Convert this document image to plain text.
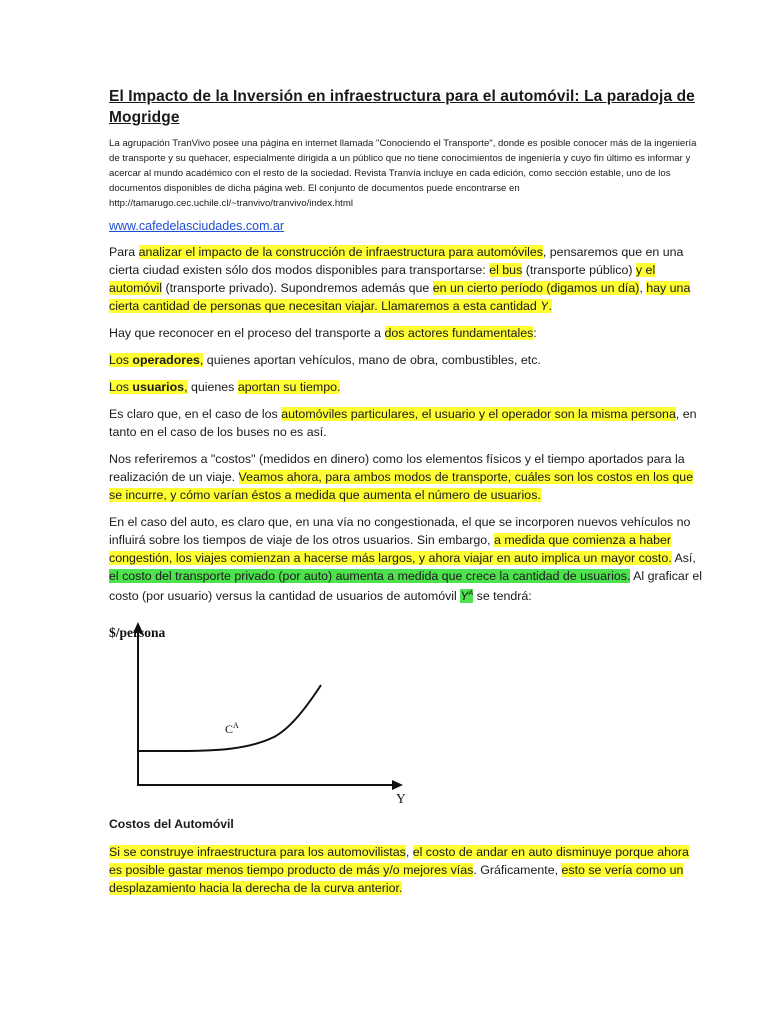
El Impacto de la Inversión en infraestructura para el automóvil: La paradoja de Mogridge

La agrupación TranVivo posee una página en internet llamada "Conociendo el Transporte", donde es posible conocer más de la ingeniería de transporte y su quehacer, especialmente dirigida a un público que no tiene conocimientos de ingeniería y cuyo fin último es informar y acercar al mundo académico con el resto de la sociedad. Revista Tranvía incluye en cada edición, como sección estable, uno de los documentos disponibles de dicha página web. El conjunto de documentos puede encontrarse en http://tamarugo.cec.uchile.cl/~tranvivo/tranvivo/index.html

www.cafedelasciudades.com.ar

Para analizar el impacto de la construcción de infraestructura para automóviles, pensaremos que en una cierta ciudad existen sólo dos modos disponibles para transportarse: el bus (transporte público) y el automóvil (transporte privado). Supondremos además que en un cierto período (digamos un día), hay una cierta cantidad de personas que necesitan viajar. Llamaremos a esta cantidad Y.

Hay que reconocer en el proceso del transporte a dos actores fundamentales:

Los operadores, quienes aportan vehículos, mano de obra, combustibles, etc.

Los usuarios, quienes aportan su tiempo.

Es claro que, en el caso de los automóviles particulares, el usuario y el operador son la misma persona, en tanto en el caso de los buses no es así.

Nos referiremos a "costos" (medidos en dinero) como los elementos físicos y el tiempo aportados para la realización de un viaje. Veamos ahora, para ambos modos de transporte, cuáles son los costos en los que se incurre, y cómo varían éstos a medida que aumenta el número de usuarios.

En el caso del auto, es claro que, en una vía no congestionada, el que se incorporen nuevos vehículos no influirá sobre los tiempos de viaje de los otros usuarios. Sin embargo, a medida que comienza a haber congestión, los viajes comienzan a hacerse más largos, y ahora viajar en auto implica un mayor costo. Así, el costo del transporte privado (por auto) aumenta a medida que crece la cantidad de usuarios. Al graficar el costo (por usuario) versus la cantidad de usuarios de automóvil $Y^A$ se tendrá:

$/persona
Y
$C^A$

Costos del Automóvil

Si se construye infraestructura para los automovilistas, el costo de andar en auto disminuye porque ahora es posible gastar menos tiempo producto de más y/o mejores vías. Gráficamente, esto se vería como un desplazamiento hacia la derecha de la curva anterior.
